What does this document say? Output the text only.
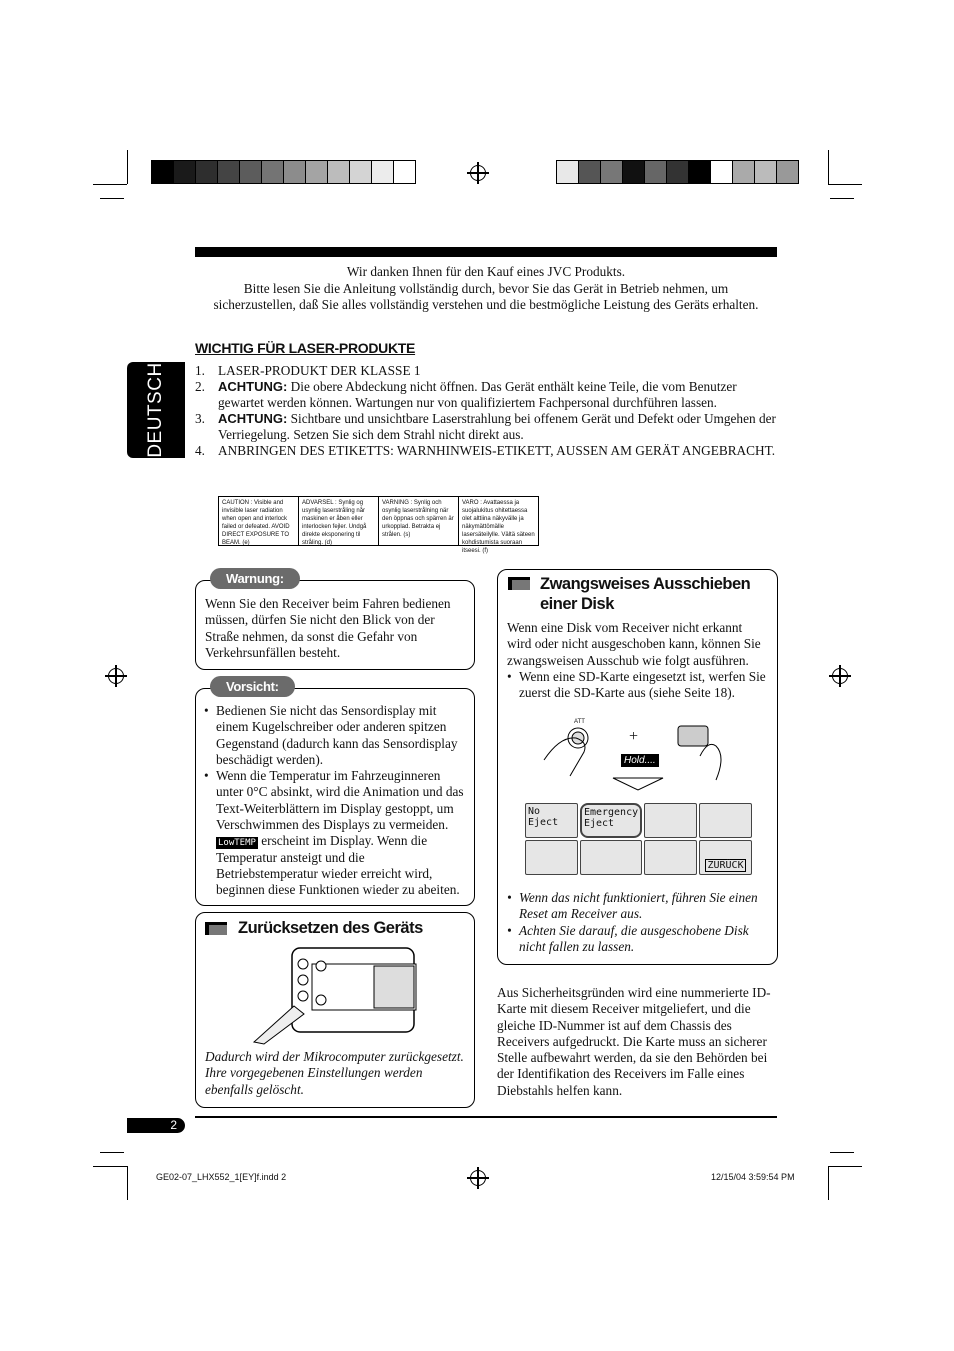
Wir danken Ihnen für den Kauf eines JVC Produkts.

Bitte lesen Sie die Anleitung vollständig durch, bevor Sie das Gerät in Betrieb nehmen, um sicherzustellen, daß Sie alles vollständig verstehen und die bestmögliche Leistung des Geräts erhalten.

DEUTSCH
WICHTIG FÜR LASER-PRODUKTE
1. LASER-PRODUKT DER KLASSE 1
2. ACHTUNG: Die obere Abdeckung nicht öffnen. Das Gerät enthält keine Teile, die vom Benutzer gewartet werden können. Wartungen nur von qualifiziertem Fachpersonal durchführen lassen.
3. ACHTUNG: Sichtbare und unsichtbare Laserstrahlung bei offenem Gerät und Defekt oder Umgehen der Verriegelung. Setzen Sie sich dem Strahl nicht direkt aus.
4. ANBRINGEN DES ETIKETTS: WARNHINWEIS-ETIKETT, AUSSEN AM GERÄT ANGEBRACHT.
CAUTION : Visible and invisible laser radiation when open and interlock failed or defeated. AVOID DIRECT EXPOSURE TO BEAM. (e)
ADVARSEL : Synlig og usynlig laserstråling når maskinen er åben eller interlocken fejler. Undgå direkte eksponering til stråling. (d)
VARNING : Synlig och osynlig laserstrålning när den öppnas och spärren är urkopplad. Betrakta ej strålen. (s)
VARO : Avattaessa ja suojalukitus ohitettaessa olet alttiina näkyvälle ja näkymättömälle lasersäteilylle. Vältä säteen kohdistumista suoraan itseesi. (f)
Warnung:
Wenn Sie den Receiver beim Fahren bedienen müssen, dürfen Sie nicht den Blick von der Straße nehmen, da sonst die Gefahr von Verkehrsunfällen besteht.
Vorsicht:
• Bedienen Sie nicht das Sensordisplay mit einem Kugelschreiber oder anderen spitzen Gegenstand (dadurch kann das Sensordisplay beschädigt werden).
• Wenn die Temperatur im Fahrzeuginneren unter 0°C absinkt, wird die Animation und das Text-Weiterblättern im Display gestoppt, um Verschwimmen des Displays zu vermeiden. LowTEMP erscheint im Display. Wenn die Temperatur ansteigt und die Betriebstemperatur wieder erreicht wird, beginnen diese Funktionen wieder zu abeiten.
Zurücksetzen des Geräts
Dadurch wird der Mikrocomputer zurückgesetzt. Ihre vorgegebenen Einstellungen werden ebenfalls gelöscht.
Zwangsweises Ausschieben einer Disk
Wenn eine Disk vom Receiver nicht erkannt wird oder nicht ausgeschoben kann, können Sie zwangsweisen Ausschub wie folgt ausführen.
• Wenn eine SD-Karte eingesetzt ist, werfen Sie zuerst die SD-Karte aus (siehe Seite 18).
ATT
+
Hold....
No Eject
Emergency
Eject
ZURÜCK
• Wenn das nicht funktioniert, führen Sie einen Reset am Receiver aus.
• Achten Sie darauf, die ausgeschobene Disk nicht fallen zu lassen.
Aus Sicherheitsgründen wird eine nummerierte ID-Karte mit diesem Receiver mitgeliefert, und die gleiche ID-Nummer ist auf dem Chassis des Receivers aufgedruckt. Die Karte muss an sicherer Stelle aufbewahrt werden, da sie den Behörden bei der Identifikation des Receivers im Falle eines Diebstahls helfen kann.
2
GE02-07_LHX552_1[EY]f.indd 2	12/15/04 3:59:54 PM
